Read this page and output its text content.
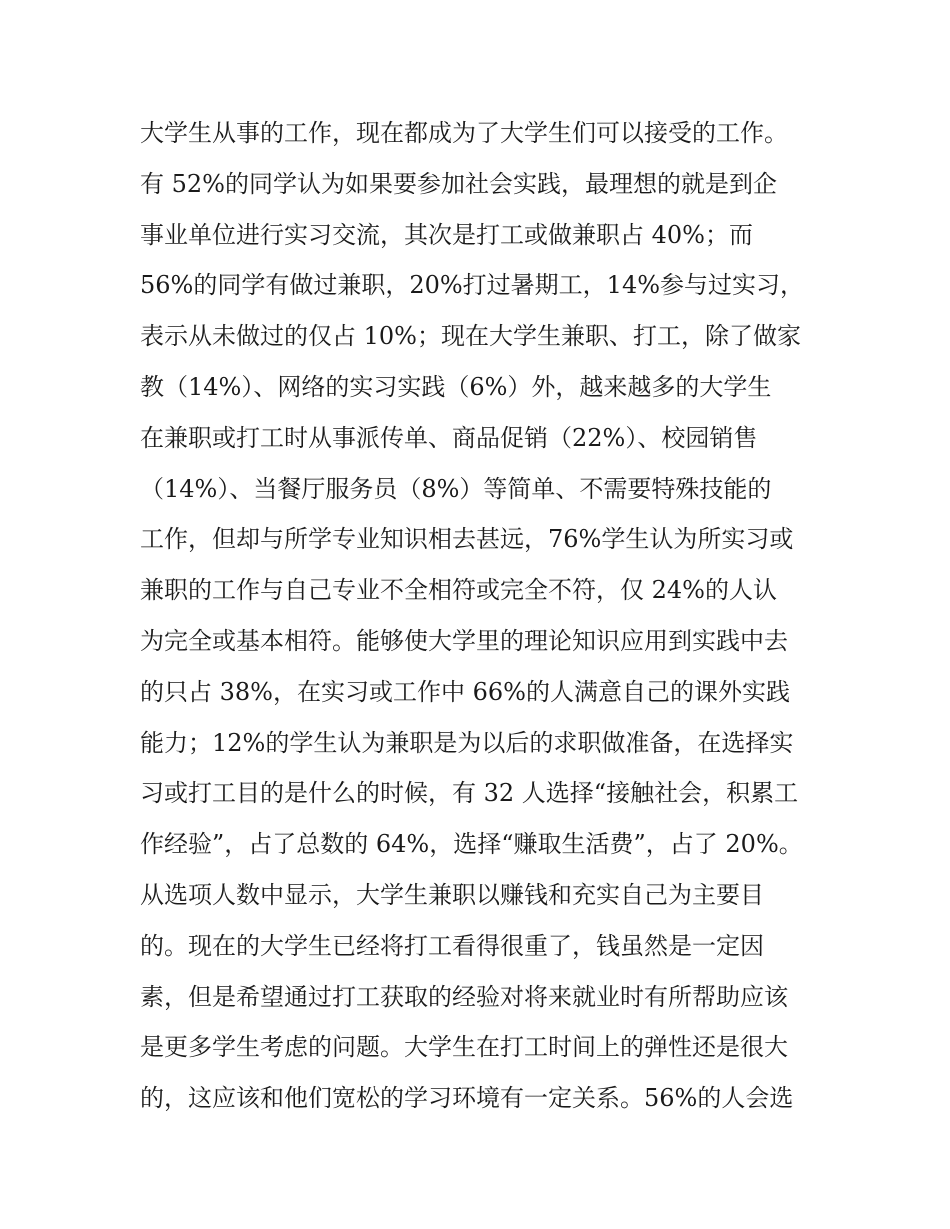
大学生从事的工作，现在都成为了大学生们可以接受的工作。
有 52%的同学认为如果要参加社会实践，最理想的就是到企
事业单位进行实习交流，其次是打工或做兼职占 40%；而
56%的同学有做过兼职，20%打过暑期工，14%参与过实习，
表示从未做过的仅占 10%；现在大学生兼职、打工，除了做家
教（14%）、网络的实习实践（6%）外，越来越多的大学生
在兼职或打工时从事派传单、商品促销（22%）、校园销售
（14%）、当餐厅服务员（8%）等简单、不需要特殊技能的
工作，但却与所学专业知识相去甚远，76%学生认为所实习或
兼职的工作与自己专业不全相符或完全不符，仅 24%的人认
为完全或基本相符。能够使大学里的理论知识应用到实践中去
的只占 38%，在实习或工作中 66%的人满意自己的课外实践
能力；12%的学生认为兼职是为以后的求职做准备，在选择实
习或打工目的是什么的时候，有 32 人选择“接触社会，积累工
作经验”，占了总数的 64%，选择“赚取生活费”，占了 20%。
从选项人数中显示，大学生兼职以赚钱和充实自己为主要目
的。现在的大学生已经将打工看得很重了，钱虽然是一定因
素，但是希望通过打工获取的经验对将来就业时有所帮助应该
是更多学生考虑的问题。大学生在打工时间上的弹性还是很大
的，这应该和他们宽松的学习环境有一定关系。56%的人会选
